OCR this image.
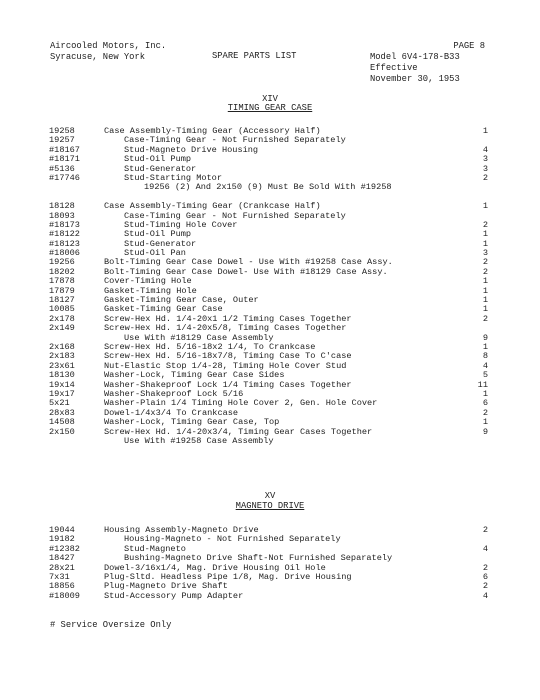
Aircooled Motors, Inc.
Syracuse, New York	SPARE PARTS LIST
PAGE 8
Model 6V4-178-B33
Effective
November 30, 1953
XIV
TIMING GEAR CASE
19258	Case Assembly-Timing Gear (Accessory Half)	1
19257	Case-Timing Gear - Not Furnished Separately
#18167	Stud-Magneto Drive Housing	4
#18171	Stud-Oil Pump	3
#5136	Stud-Generator	3
#17746	Stud-Starting Motor	2
19256 (2) And 2x150 (9) Must Be Sold With #19258
18128	Case Assembly-Timing Gear (Crankcase Half)	1
18093	Case-Timing Gear - Not Furnished Separately
#18173	Stud-Timing Hole Cover	2
#18122	Stud-Oil Pump	1
#18123	Stud-Generator	1
#18006	Stud-Oil Pan	3
19256	Bolt-Timing Gear Case Dowel - Use With #19258 Case Assy.	2
18202	Bolt-Timing Gear Case Dowel- Use With #18129 Case Assy.	2
17878	Cover-Timing Hole	1
17879	Gasket-Timing Hole	1
18127	Gasket-Timing Gear Case, Outer	1
10085	Gasket-Timing Gear Case	1
2x178	Screw-Hex Hd. 1/4-20x1 1/2 Timing Cases Together	2
2x149	Screw-Hex Hd. 1/4-20x5/8, Timing Cases Together
Use With #18129 Case Assembly	9
2x168	Screw-Hex Hd. 5/16-18x2 1/4, To Crankcase	1
2x183	Screw-Hex Hd. 5/16-18x7/8, Timing Case To C'case	8
23x61	Nut-Elastic Stop 1/4-28, Timing Hole Cover Stud	4
18130	Washer-Lock, Timing Gear Case Sides	5
19x14	Washer-Shakeproof Lock 1/4 Timing Cases Together	11
19x17	Washer-Shakeproof Lock 5/16	1
5x21	Washer-Plain 1/4 Timing Hole Cover 2, Gen. Hole Cover	6
28x83	Dowel-1/4x3/4 To Crankcase	2
14508	Washer-Lock, Timing Gear Case, Top	1
2x150	Screw-Hex Hd. 1/4-20x3/4, Timing Gear Cases Together	9
Use With #19258 Case Assembly
XV
MAGNETO DRIVE
19044	Housing Assembly-Magneto Drive	2
19182	Housing-Magneto - Not Furnished Separately
#12382	Stud-Magneto	4
18427	Bushing-Magneto Drive Shaft-Not Furnished Separately
28x21	Dowel-3/16x1/4, Mag. Drive Housing Oil Hole	2
7x31	Plug-Sltd. Headless Pipe 1/8, Mag. Drive Housing	6
18856	Plug-Magneto Drive Shaft	2
#18009	Stud-Accessory Pump Adapter	4
# Service Oversize Only
